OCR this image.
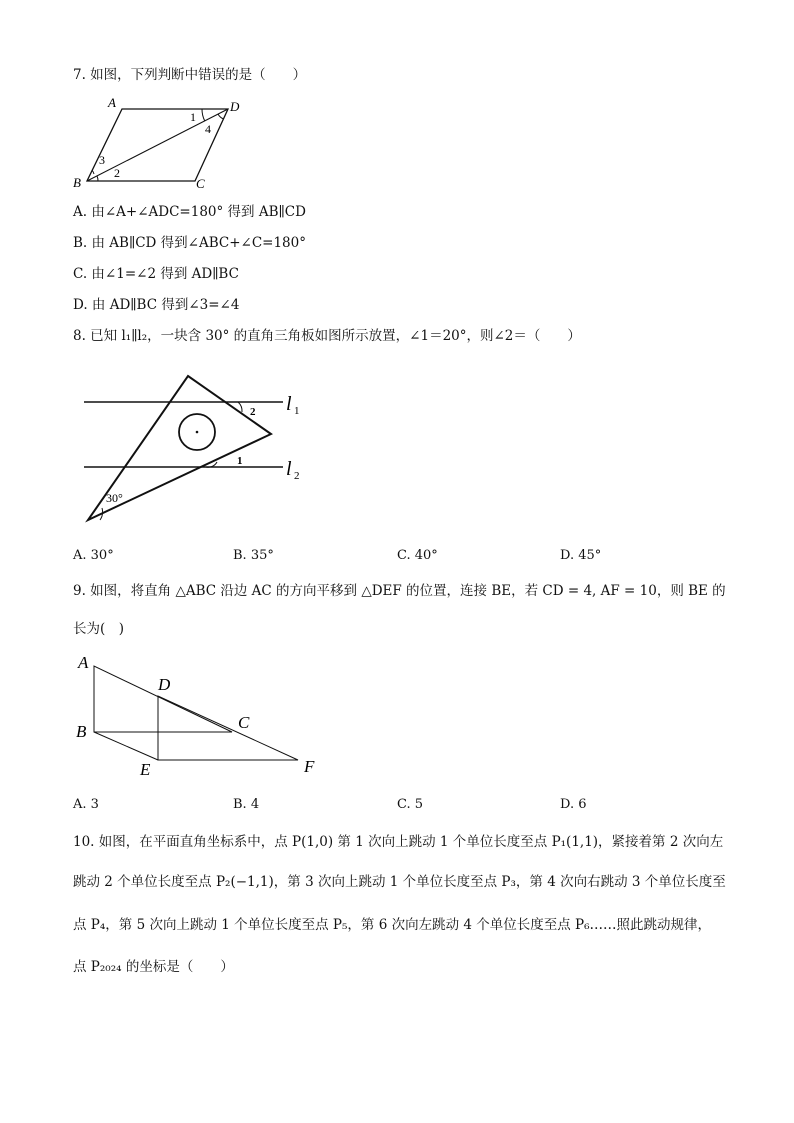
7. 如图，下列判断中错误的是（　　）
A	D
B	C
1
4
3
2
A. 由∠A+∠ADC=180° 得到 AB∥CD
B. 由 AB∥CD 得到∠ABC+∠C=180°
C. 由∠1=∠2 得到 AD∥BC
D. 由 AD∥BC 得到∠3=∠4
8. 已知 l₁∥l₂，一块含 30° 的直角三角板如图所示放置，∠1＝20°，则∠2＝（　　）
l 1
l 2
2
1
30°
A. 30°	B. 35°	C. 40°	D. 45°
9. 如图，将直角 △ABC 沿边 AC 的方向平移到 △DEF 的位置，连接 BE，若 CD = 4, AF = 10，则 BE 的
长为(　)
A
D
B	C
E	F
A. 3	B. 4	C. 5	D. 6
10. 如图，在平面直角坐标系中，点 P(1,0) 第 1 次向上跳动 1 个单位长度至点 P₁(1,1)，紧接着第 2 次向左
跳动 2 个单位长度至点 P₂(−1,1)，第 3 次向上跳动 1 个单位长度至点 P₃，第 4 次向右跳动 3 个单位长度至
点 P₄，第 5 次向上跳动 1 个单位长度至点 P₅，第 6 次向左跳动 4 个单位长度至点 P₆……照此跳动规律，
点 P₂₀₂₄ 的坐标是（　　）
